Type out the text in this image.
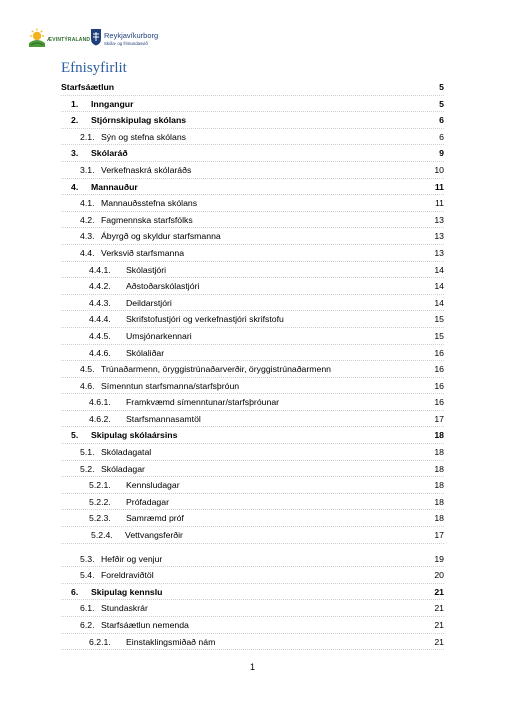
ÆVINTÝRALAND Reykjavíkurborg
Skóla- og frístundasvið
Efnisyfirlit
Starfsáætlun	5
1. Inngangur	5
2. Stjórnskipulag skólans	6
2.1. Sýn og stefna skólans	6
3. Skólaráð	9
3.1. Verkefnaskrá skólaráðs	10
4. Mannauður	11
4.1. Mannauðsstefna skólans	11
4.2. Fagmennska starfsfólks	13
4.3. Ábyrgð og skyldur starfsmanna	13
4.4. Verksvið starfsmanna	13
4.4.1. Skólastjóri	14
4.4.2. Aðstoðarskólastjóri	14
4.4.3. Deildarstjóri	14
4.4.4. Skrifstofustjóri og verkefnastjóri skrifstofu	15
4.4.5. Umsjónarkennari	15
4.4.6. Skólaliðar	16
4.5. Trúnaðarmenn, öryggistrúnaðarverðir, öryggistrúnaðarmenn	16
4.6. Símenntun starfsmanna/starfsþróun	16
4.6.1. Framkvæmd símenntunar/starfsþróunar	16
4.6.2. Starfsmannasamtöl	17
5. Skipulag skólaársins	18
5.1. Skóladagatal	18
5.2. Skóladagar	18
5.2.1. Kennsludagar	18
5.2.2. Prófadagar	18
5.2.3. Samræmd próf	18
5.2.4. Vettvangsferðir	17
5.3. Hefðir og venjur	19
5.4. Foreldraviðtöl	20
6. Skipulag kennslu	21
6.1. Stundaskrár	21
6.2. Starfsáætlun nemenda	21
6.2.1. Einstaklingsmiðað nám	21
1
